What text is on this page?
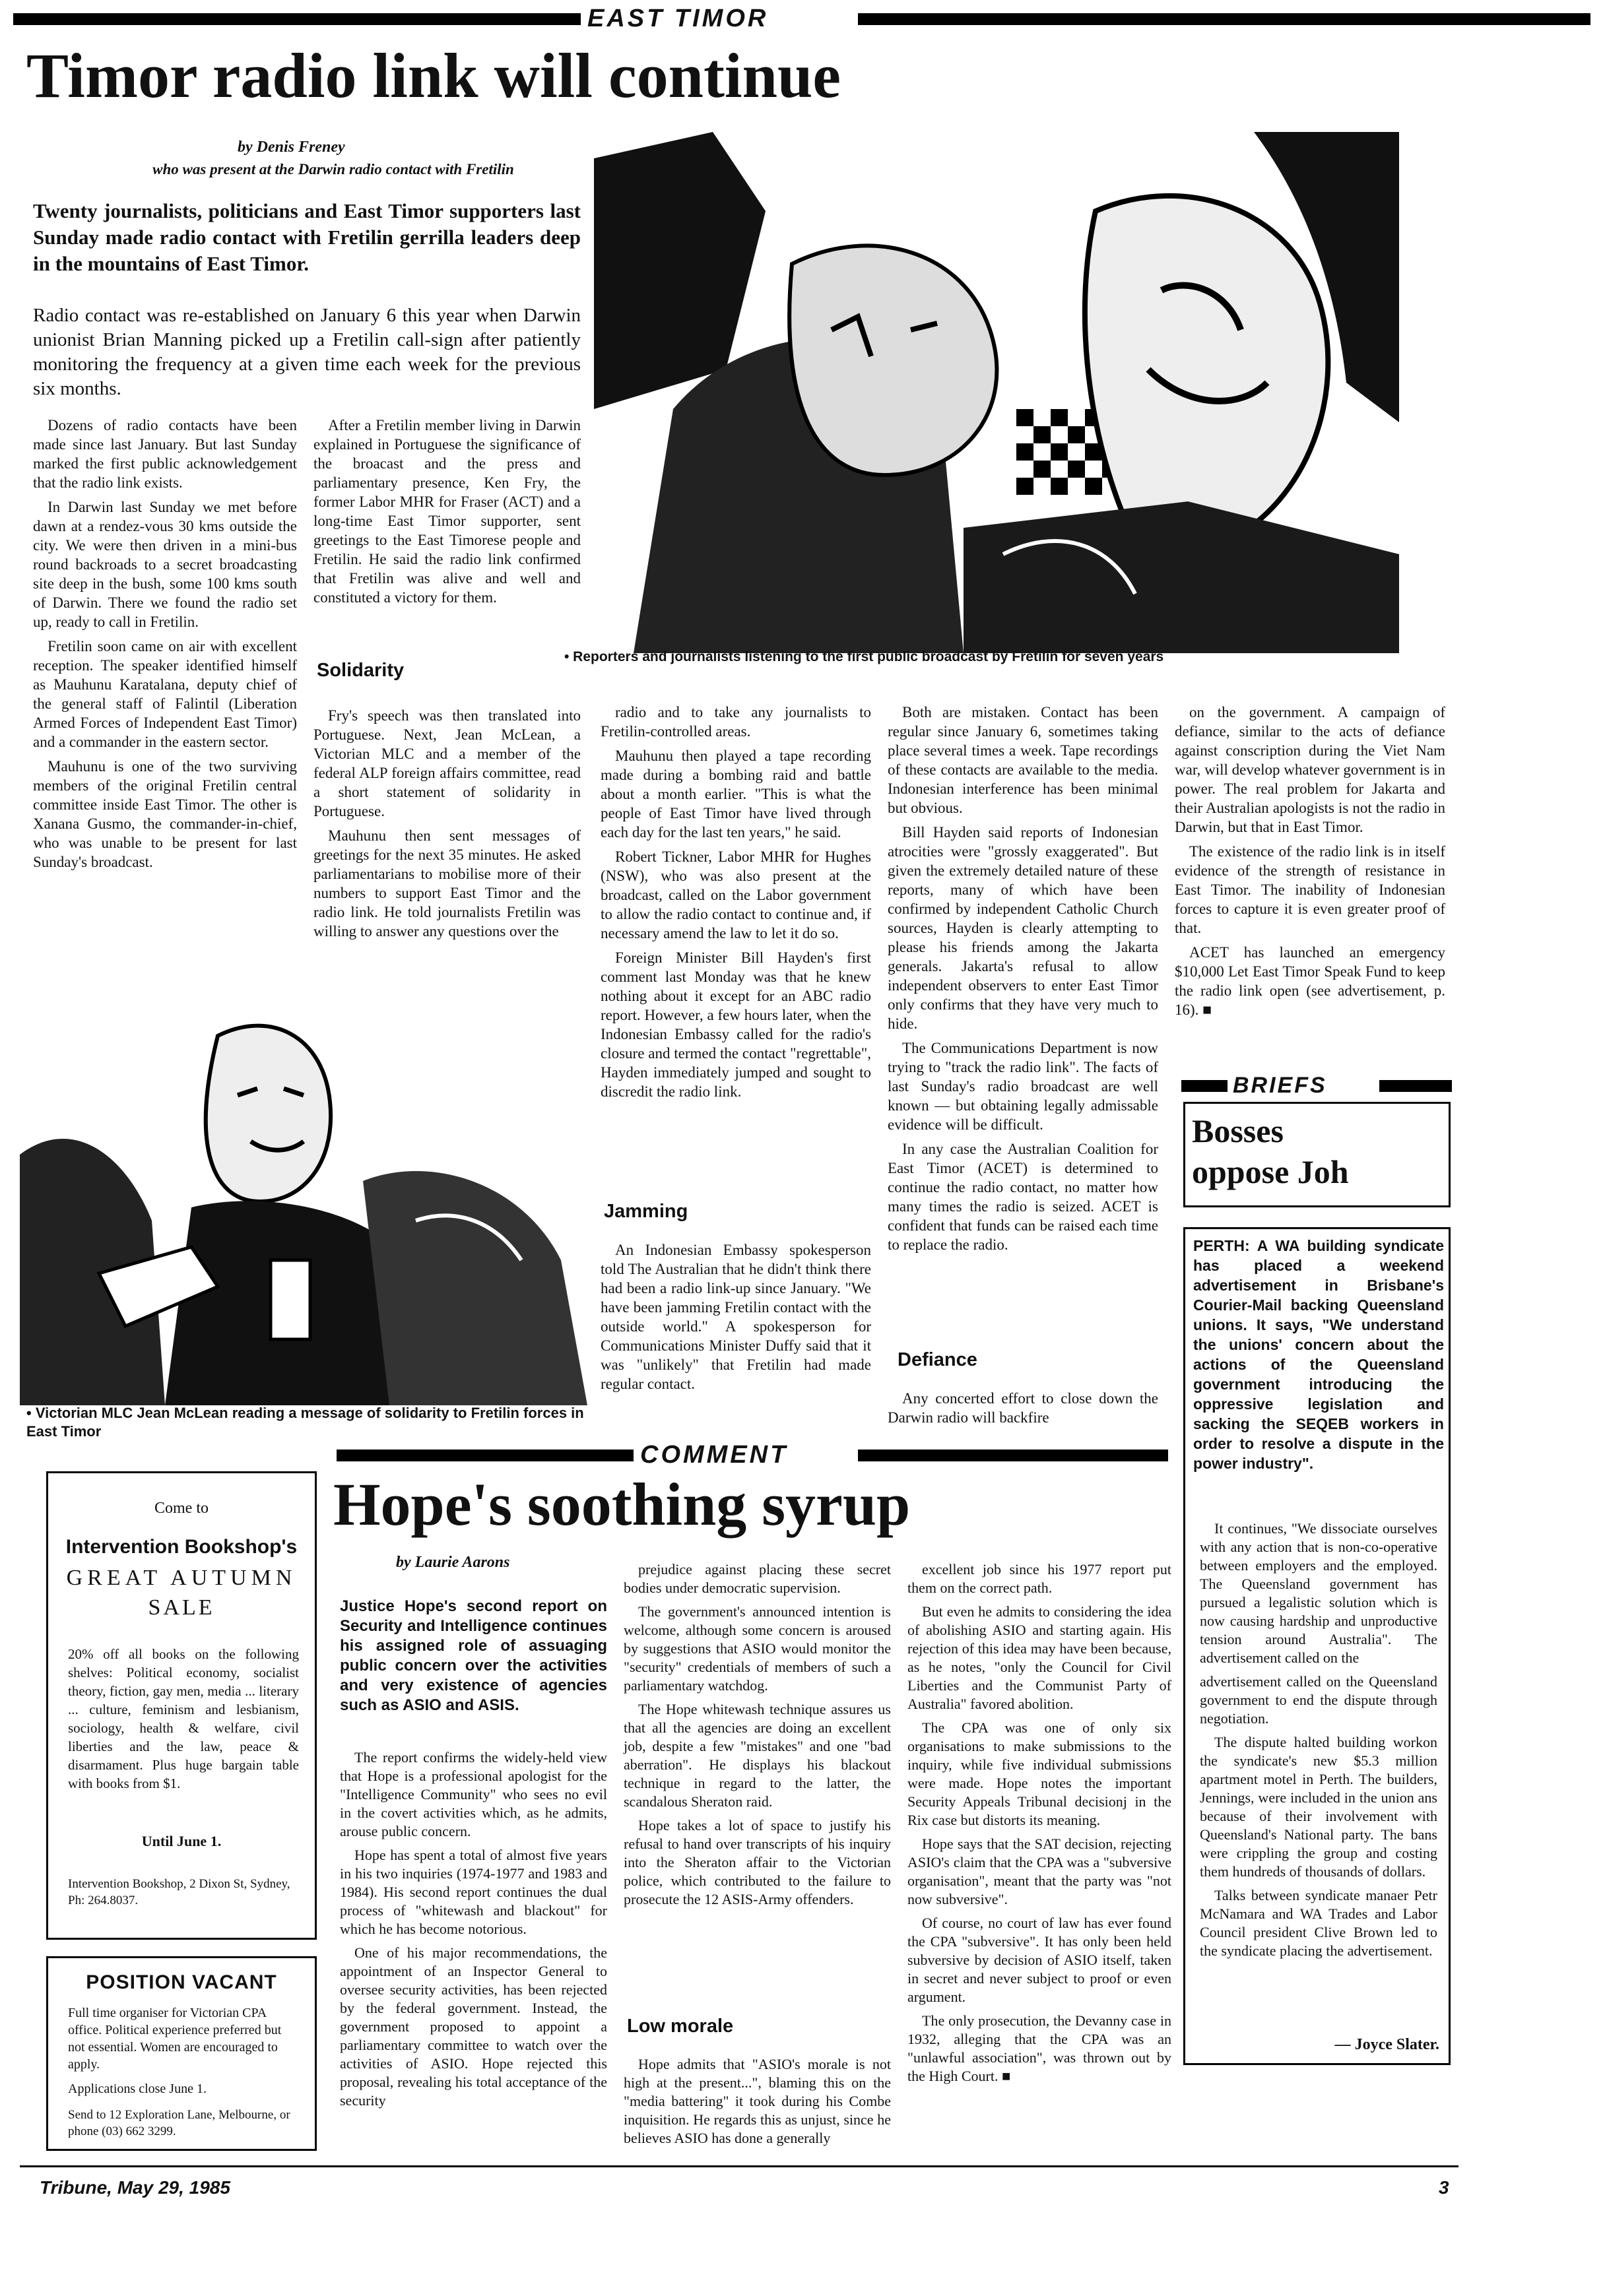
EAST TIMOR
Timor radio link will continue
by Denis Freney
who was present at the Darwin radio contact with Fretilin
Twenty journalists, politicians and East Timor supporters last Sunday made radio contact with Fretilin gerrilla leaders deep in the mountains of East Timor.
Radio contact was re-established on January 6 this year when Darwin unionist Brian Manning picked up a Fretilin call-sign after patiently monitoring the frequency at a given time each week for the previous six months.
• Reporters and journalists listening to the first public broadcast by Fretilin for seven years

Dozens of radio contacts have been made since last January. But last Sunday marked the first public acknowledgement that the radio link exists.

In Darwin last Sunday we met before dawn at a rendez-vous 30 kms outside the city. We were then driven in a mini-bus round backroads to a secret broadcasting site deep in the bush, some 100 kms south of Darwin. There we found the radio set up, ready to call in Fretilin.

Fretilin soon came on air with excellent reception. The speaker identified himself as Mauhunu Karatalana, deputy chief of the general staff of Falintil (Liberation Armed Forces of Independent East Timor) and a commander in the eastern sector.

Mauhunu is one of the two surviving members of the original Fretilin central committee inside East Timor. The other is Xanana Gusmo, the commander-in-chief, who was unable to be present for last Sunday's broadcast.

After a Fretilin member living in Darwin explained in Portuguese the significance of the broacast and the press and parliamentary presence, Ken Fry, the former Labor MHR for Fraser (ACT) and a long-time East Timor supporter, sent greetings to the East Timorese people and Fretilin. He said the radio link confirmed that Fretilin was alive and well and constituted a victory for them.

Solidarity

Fry's speech was then translated into Portuguese. Next, Jean McLean, a Victorian MLC and a member of the federal ALP foreign affairs committee, read a short statement of solidarity in Portuguese.

Mauhunu then sent messages of greetings for the next 35 minutes. He asked parliamentarians to mobilise more of their numbers to support East Timor and the radio link. He told journalists Fretilin was willing to answer any questions over the

radio and to take any journalists to Fretilin-controlled areas.

Mauhunu then played a tape recording made during a bombing raid and battle about a month earlier. "This is what the people of East Timor have lived through each day for the last ten years," he said.

Robert Tickner, Labor MHR for Hughes (NSW), who was also present at the broadcast, called on the Labor government to allow the radio contact to continue and, if necessary amend the law to let it do so.

Foreign Minister Bill Hayden's first comment last Monday was that he knew nothing about it except for an ABC radio report. However, a few hours later, when the Indonesian Embassy called for the radio's closure and termed the contact "regrettable", Hayden immediately jumped and sought to discredit the radio link.

Jamming

An Indonesian Embassy spokesperson told The Australian that he didn't think there had been a radio link-up since January. "We have been jamming Fretilin contact with the outside world." A spokesperson for Communications Minister Duffy said that it was "unlikely" that Fretilin had made regular contact.

Both are mistaken. Contact has been regular since January 6, sometimes taking place several times a week. Tape recordings of these contacts are available to the media. Indonesian interference has been minimal but obvious.

Bill Hayden said reports of Indonesian atrocities were "grossly exaggerated". But given the extremely detailed nature of these reports, many of which have been confirmed by independent Catholic Church sources, Hayden is clearly attempting to please his friends among the Jakarta generals. Jakarta's refusal to allow independent observers to enter East Timor only confirms that they have very much to hide.

The Communications Department is now trying to "track the radio link". The facts of last Sunday's radio broadcast are well known — but obtaining legally admissable evidence will be difficult.

In any case the Australian Coalition for East Timor (ACET) is determined to continue the radio contact, no matter how many times the radio is seized. ACET is confident that funds can be raised each time to replace the radio.

Defiance

Any concerted effort to close down the Darwin radio will backfire

on the government. A campaign of defiance, similar to the acts of defiance against conscription during the Viet Nam war, will develop whatever government is in power. The real problem for Jakarta and their Australian apologists is not the radio in Darwin, but that in East Timor.

The existence of the radio link is in itself evidence of the strength of resistance in East Timor. The inability of Indonesian forces to capture it is even greater proof of that.

ACET has launched an emergency $10,000 Let East Timor Speak Fund to keep the radio link open (see advertisement, p. 16). ■

• Victorian MLC Jean McLean reading a message of solidarity to Fretilin forces in East Timor
BRIEFS
Bosses
oppose Joh
PERTH: A WA building syndicate has placed a weekend advertisement in Brisbane's Courier-Mail backing Queensland unions. It says, "We understand the unions' concern about the actions of the Queensland government introducing the oppressive legislation and sacking the SEQEB workers in order to resolve a dispute in the power industry".

It continues, "We dissociate ourselves with any action that is non-co-operative between employers and the employed. The Queensland government has pursued a legalistic solution which is now causing hardship and unproductive tension around Australia". The advertisement called on the

advertisement called on the Queensland government to end the dispute through negotiation.

The dispute halted building workon the syndicate's new $5.3 million apartment motel in Perth. The builders, Jennings, were included in the union ans because of their involvement with Queensland's National party. The bans were crippling the group and costing them hundreds of thousands of dollars.

Talks between syndicate manaer Petr McNamara and WA Trades and Labor Council president Clive Brown led to the syndicate placing the advertisement.

— Joyce Slater.
COMMENT
Hope's soothing syrup
by Laurie Aarons
Justice Hope's second report on Security and Intelligence continues his assigned role of assuaging public concern over the activities and very existence of agencies such as ASIO and ASIS.

The report confirms the widely-held view that Hope is a professional apologist for the "Intelligence Community" who sees no evil in the covert activities which, as he admits, arouse public concern.

Hope has spent a total of almost five years in his two inquiries (1974-1977 and 1983 and 1984). His second report continues the dual process of "whitewash and blackout" for which he has become notorious.

One of his major recommendations, the appointment of an Inspector General to oversee security activities, has been rejected by the federal government. Instead, the government proposed to appoint a parliamentary committee to watch over the activities of ASIO. Hope rejected this proposal, revealing his total acceptance of the security

prejudice against placing these secret bodies under democratic supervision.

The government's announced intention is welcome, although some concern is aroused by suggestions that ASIO would monitor the "security" credentials of members of such a parliamentary watchdog.

The Hope whitewash technique assures us that all the agencies are doing an excellent job, despite a few "mistakes" and one "bad aberration". He displays his blackout technique in regard to the latter, the scandalous Sheraton raid.

Hope takes a lot of space to justify his refusal to hand over transcripts of his inquiry into the Sheraton affair to the Victorian police, which contributed to the failure to prosecute the 12 ASIS-Army offenders.

Low morale

Hope admits that "ASIO's morale is not high at the present...", blaming this on the "media battering" it took during his Combe inquisition. He regards this as unjust, since he believes ASIO has done a generally

excellent job since his 1977 report put them on the correct path.

But even he admits to considering the idea of abolishing ASIO and starting again. His rejection of this idea may have been because, as he notes, "only the Council for Civil Liberties and the Communist Party of Australia" favored abolition.

The CPA was one of only six organisations to make submissions to the inquiry, while five individual submissions were made. Hope notes the important Security Appeals Tribunal decisionj in the Rix case but distorts its meaning.

Hope says that the SAT decision, rejecting ASIO's claim that the CPA was a "subversive organisation", meant that the party was "not now subversive".

Of course, no court of law has ever found the CPA "subversive". It has only been held subversive by decision of ASIO itself, taken in secret and never subject to proof or even argument.

The only prosecution, the Devanny case in 1932, alleging that the CPA was an "unlawful association", was thrown out by the High Court. ■

Come to
Intervention Bookshop's
GREAT AUTUMN
SALE
20% off all books on the following shelves: Political economy, socialist theory, fiction, gay men, media ... literary ... culture, feminism and lesbianism, sociology, health & welfare, civil liberties and the law, peace & disarmament. Plus huge bargain table with books from $1.
Until June 1.
Intervention Bookshop, 2 Dixon St, Sydney, Ph: 264.8037.
POSITION VACANT
Full time organiser for Victorian CPA office. Political experience preferred but not essential. Women are encouraged to apply.
Applications close June 1.
Send to 12 Exploration Lane, Melbourne, or phone (03) 662 3299.
Tribune, May 29, 1985	3
